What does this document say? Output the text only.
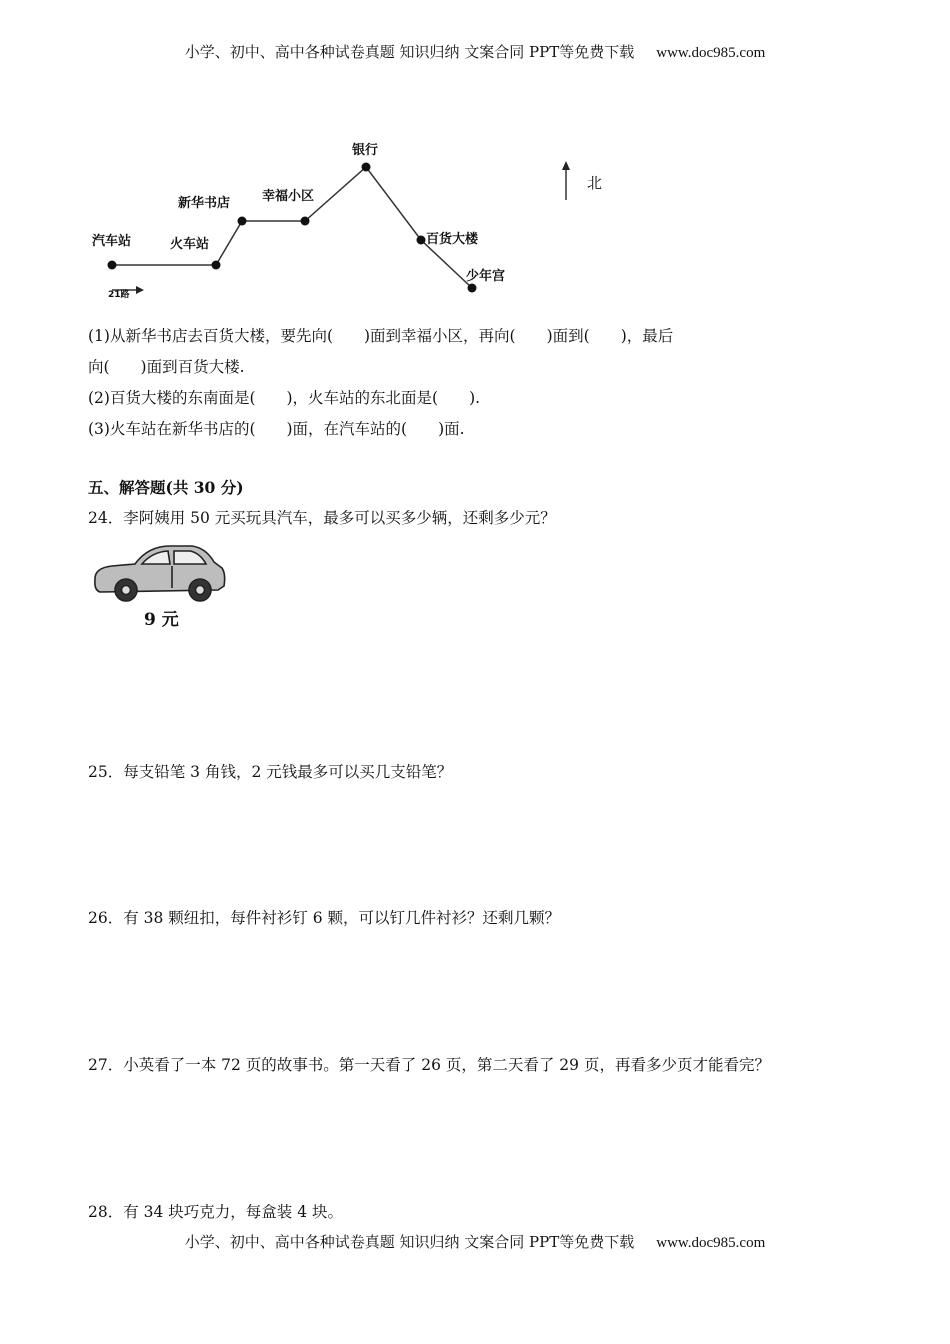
小学、初中、高中各种试卷真题 知识归纳 文案合同 PPT等免费下载 www.doc985.com
汽车站	火车站
新华书店 幸福小区
银行
百货大楼
少年宫
21路
北
(1)从新华书店去百货大楼，要先向(　　)面到幸福小区，再向(　　)面到(　　)，最后
向(　　)面到百货大楼.
(2)百货大楼的东南面是(　　)，火车站的东北面是(　　).
(3)火车站在新华书店的(　　)面，在汽车站的(　　)面.
五、解答题(共 30 分)
24．李阿姨用 50 元买玩具汽车，最多可以买多少辆，还剩多少元？
9 元
25．每支铅笔 3 角钱，2 元钱最多可以买几支铅笔？
26．有 38 颗纽扣，每件衬衫钉 6 颗，可以钉几件衬衫？还剩几颗？
27．小英看了一本 72 页的故事书。第一天看了 26 页，第二天看了 29 页，再看多少页才能看完？
28．有 34 块巧克力，每盒装 4 块。
小学、初中、高中各种试卷真题 知识归纳 文案合同 PPT等免费下载 www.doc985.com
